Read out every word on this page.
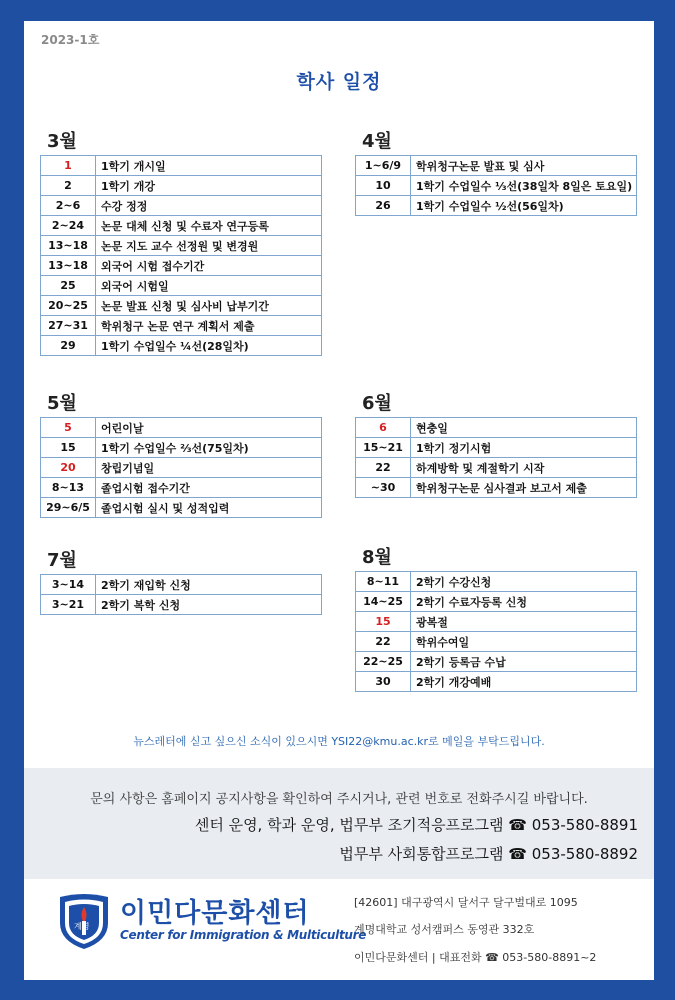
2023-1호
학사 일정
3월
1	1학기 개시일
2	1학기 개강
2~6	수강 정정
2~24	논문 대체 신청 및 수료자 연구등록
13~18	논문 지도 교수 선정원 및 변경원
13~18	외국어 시험 접수기간
25	외국어 시험일
20~25	논문 발표 신청 및 심사비 납부기간
27~31	학위청구 논문 연구 계획서 제출
29	1학기 수업일수 ¼선(28일차)
4월
1~6/9	학위청구논문 발표 및 심사
10	1학기 수업일수 ⅓선(38일차 8일은 토요일)
26	1학기 수업일수 ½선(56일차)
5월
5	어린이날
15	1학기 수업일수 ⅔선(75일차)
20	창립기념일
8~13	졸업시험 접수기간
29~6/5	졸업시험 실시 및 성적입력
6월
6	현충일
15~21	1학기 정기시험
22	하계방학 및 계절학기 시작
~30	학위청구논문 심사결과 보고서 제출
7월
3~14	2학기 재입학 신청
3~21	2학기 복학 신청
8월
8~11	2학기 수강신청
14~25	2학기 수료자등록 신청
15	광복절
22	학위수여일
22~25	2학기 등록금 수납
30	2학기 개강예배
뉴스레터에 싣고 싶으신 소식이 있으시면 YSI22@kmu.ac.kr로 메일을 부탁드립니다.
문의 사항은 홈페이지 공지사항을 확인하여 주시거나, 관련 번호로 전화주시길 바랍니다.
센터 운영, 학과 운영, 법무부 조기적응프로그램 ☎ 053-580-8891
법무부 사회통합프로그램 ☎ 053-580-8892
계명 이민다문화센터
Center for Immigration & Multiculture
[42601] 대구광역시 달서구 달구벌대로 1095
계명대학교 성서캠퍼스 동영관 332호
이민다문화센터 | 대표전화 ☎ 053-580-8891~2
